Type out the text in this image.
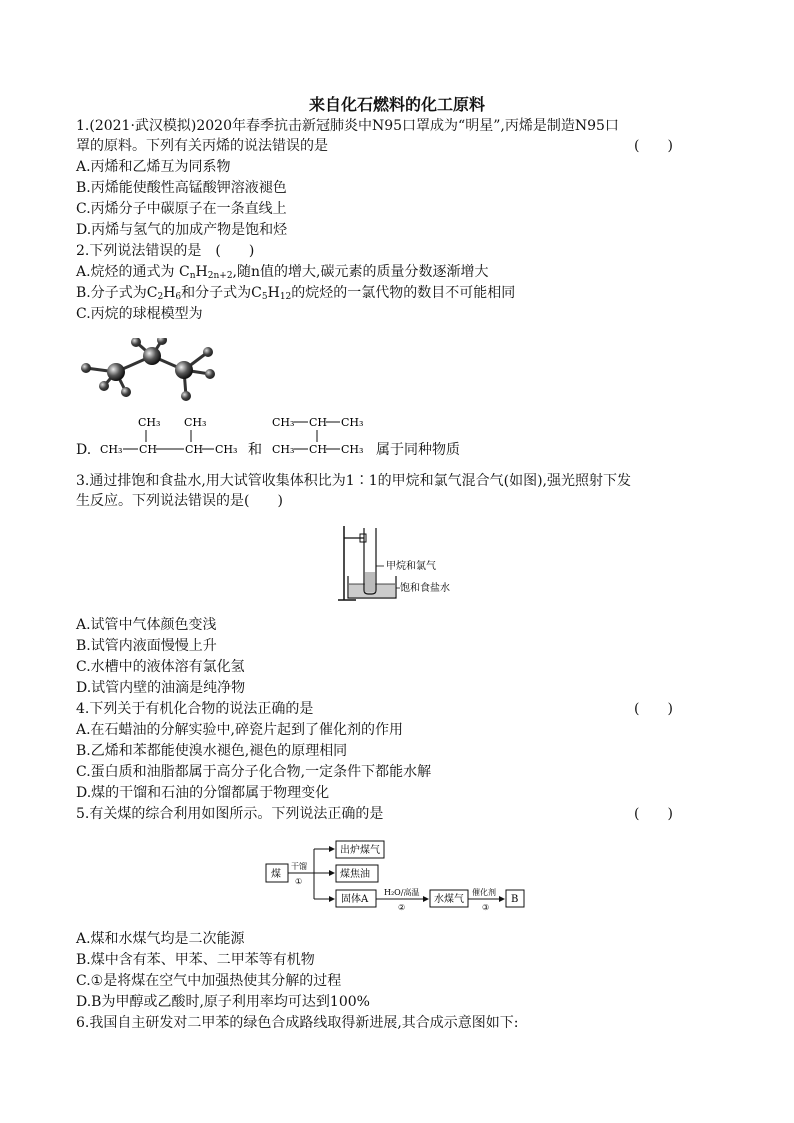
来自化石燃料的化工原料
1.(2021·武汉模拟)2020年春季抗击新冠肺炎中N95口罩成为“明星”,丙烯是制造N95口
罩的原料。下列有关丙烯的说法错误的是	(　　)
A.丙烯和乙烯互为同系物
B.丙烯能使酸性高锰酸钾溶液褪色
C.丙烯分子中碳原子在一条直线上
D.丙烯与氢气的加成产物是饱和烃
2.下列说法错误的是　(　　)
A.烷烃的通式为 $C_nH_{2n+2}$,随n值的增大,碳元素的质量分数逐渐增大
B.分子式为$C_2H_6$和分子式为$C_5H_{12}$的烷烃的一氯代物的数目不可能相同
C.丙烷的球棍模型为
D.
CH₃ CH₃
CH₃ CH	CH CH₃ 和
CH₃ CH CH₃
CH₃ CH CH₃ 属于同种物质
3.通过排饱和食盐水,用大试管收集体积比为1∶1的甲烷和氯气混合气(如图),强光照射下发
生反应。下列说法错误的是(　　)
甲烷和氯气
饱和食盐水
A.试管中气体颜色变浅
B.试管内液面慢慢上升
C.水槽中的液体溶有氯化氢
D.试管内壁的油滴是纯净物
4.下列关于有机化合物的说法正确的是	(　　)
A.在石蜡油的分解实验中,碎瓷片起到了催化剂的作用
B.乙烯和苯都能使溴水褪色,褪色的原理相同
C.蛋白质和油脂都属于高分子化合物,一定条件下都能水解
D.煤的干馏和石油的分馏都属于物理变化
5.有关煤的综合利用如图所示。下列说法正确的是	(　　)
煤
干馏
①
出炉煤气
煤焦油
固体A
H₂O/高温
②
水煤气
催化剂
③
B
A.煤和水煤气均是二次能源
B.煤中含有苯、甲苯、二甲苯等有机物
C.①是将煤在空气中加强热使其分解的过程
D.B为甲醇或乙酸时,原子利用率均可达到100%
6.我国自主研发对二甲苯的绿色合成路线取得新进展,其合成示意图如下:
